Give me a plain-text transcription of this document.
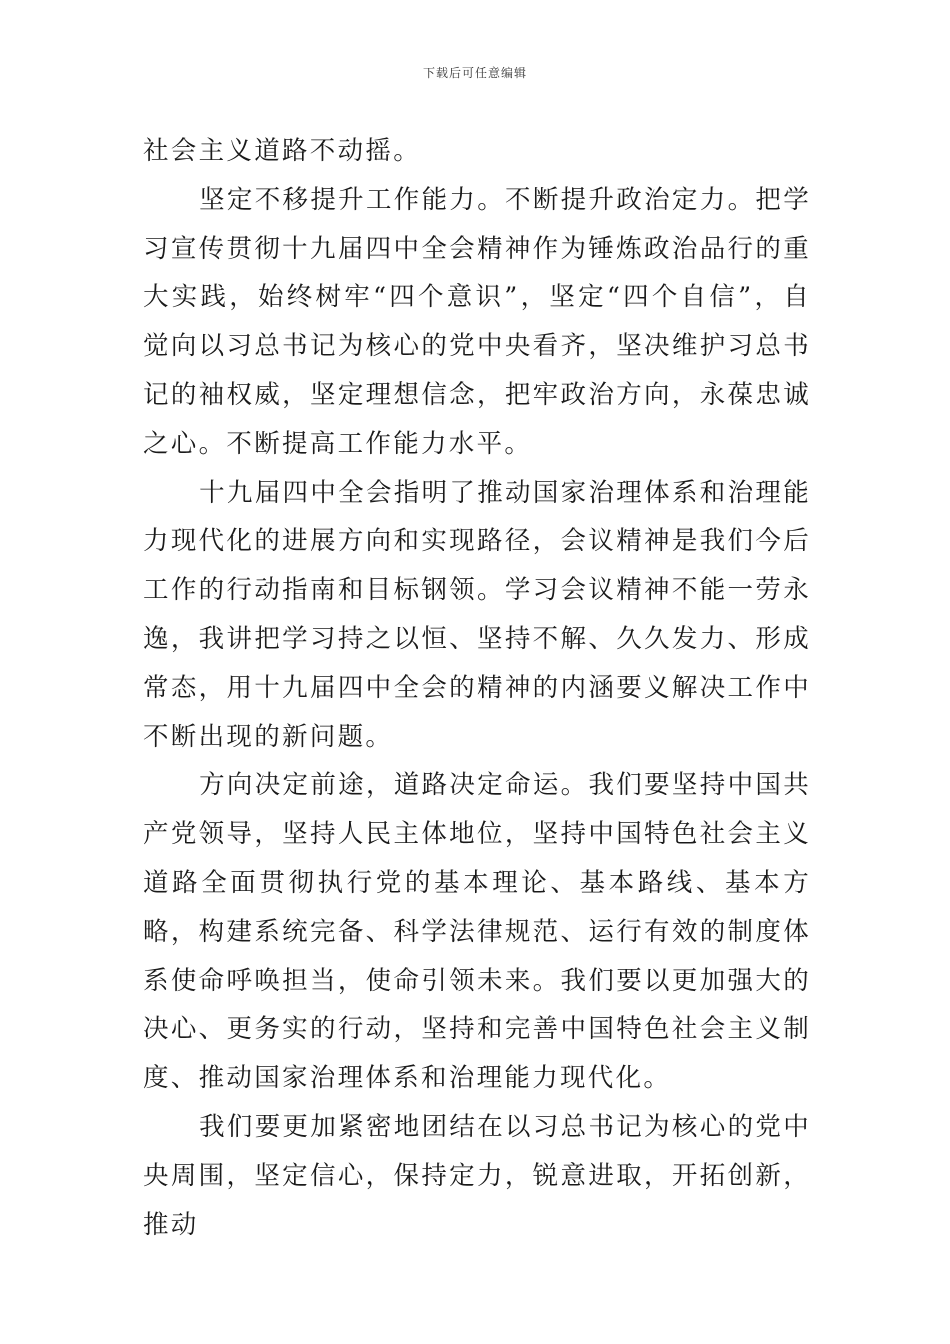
下载后可任意编辑

社会主义道路不动摇。

坚定不移提升工作能力。不断提升政治定力。把学习宣传贯彻十九届四中全会精神作为锤炼政治品行的重大实践，始终树牢“四个意识”，坚定“四个自信”，自觉向以习总书记为核心的党中央看齐，坚决维护习总书记的袖权威，坚定理想信念，把牢政治方向，永葆忠诚之心。不断提高工作能力水平。

十九届四中全会指明了推动国家治理体系和治理能力现代化的进展方向和实现路径，会议精神是我们今后工作的行动指南和目标钢领。学习会议精神不能一劳永逸，我讲把学习持之以恒、坚持不解、久久发力、形成常态，用十九届四中全会的精神的内涵要义解决工作中不断出现的新问题。

方向决定前途，道路决定命运。我们要坚持中国共产党领导，坚持人民主体地位，坚持中国特色社会主义道路全面贯彻执行党的基本理论、基本路线、基本方略，构建系统完备、科学法律规范、运行有效的制度体系使命呼唤担当，使命引领未来。我们要以更加强大的决心、更务实的行动，坚持和完善中国特色社会主义制度、推动国家治理体系和治理能力现代化。

我们要更加紧密地团结在以习总书记为核心的党中央周围，坚定信心，保持定力，锐意进取，开拓创新，推动
